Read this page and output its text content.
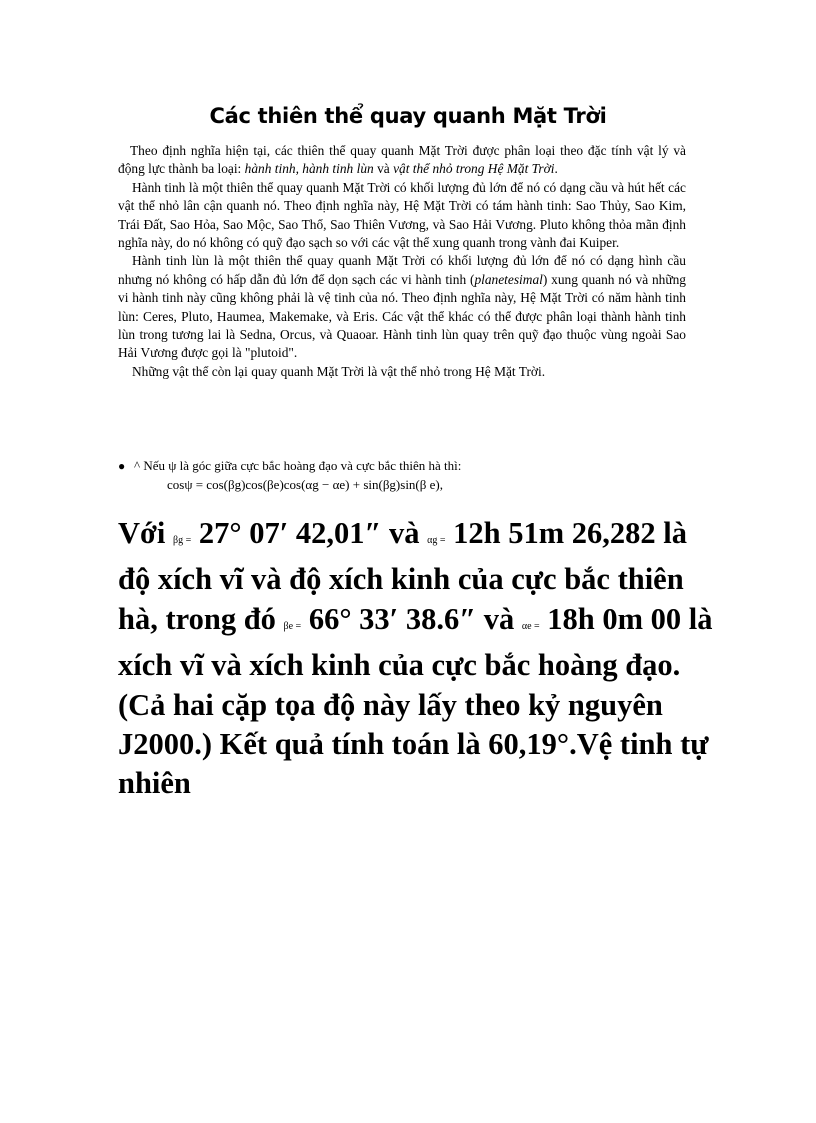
Các thiên thể quay quanh Mặt Trời

Theo định nghĩa hiện tại, các thiên thể quay quanh Mặt Trời được phân loại theo đặc tính vật lý và động lực thành ba loại: hành tinh, hành tinh lùn và vật thể nhỏ trong Hệ Mặt Trời.

Hành tinh là một thiên thể quay quanh Mặt Trời có khối lượng đủ lớn để nó có dạng cầu và hút hết các vật thể nhỏ lân cận quanh nó. Theo định nghĩa này, Hệ Mặt Trời có tám hành tinh: Sao Thủy, Sao Kim, Trái Đất, Sao Hỏa, Sao Mộc, Sao Thổ, Sao Thiên Vương, và Sao Hải Vương. Pluto không thỏa mãn định nghĩa này, do nó không có quỹ đạo sạch so với các vật thể xung quanh trong vành đai Kuiper.

Hành tinh lùn là một thiên thể quay quanh Mặt Trời có khối lượng đủ lớn để nó có dạng hình cầu nhưng nó không có hấp dẫn đủ lớn để dọn sạch các vi hành tinh (planetesimal) xung quanh nó và những vi hành tinh này cũng không phải là vệ tinh của nó. Theo định nghĩa này, Hệ Mặt Trời có năm hành tinh lùn: Ceres, Pluto, Haumea, Makemake, và Eris. Các vật thể khác có thể được phân loại thành hành tinh lùn trong tương lai là Sedna, Orcus, và Quaoar. Hành tinh lùn quay trên quỹ đạo thuộc vùng ngoài Sao Hải Vương được gọi là "plutoid".

Những vật thể còn lại quay quanh Mặt Trời là vật thể nhỏ trong Hệ Mặt Trời.

● ^ Nếu ψ là góc giữa cực bắc hoàng đạo và cực bắc thiên hà thì:
cosψ = cos(βg)cos(βe)cos(αg − αe) + sin(βg)sin(β e),
Với βg = 27° 07′ 42,01″ và αg = 12h 51m 26,282 là độ xích vĩ và độ xích kinh của cực bắc thiên hà, trong đó βe = 66° 33′ 38.6″ và αe = 18h 0m 00 là xích vĩ và xích kinh của cực bắc hoàng đạo. (Cả hai cặp tọa độ này lấy theo kỷ nguyên J2000.) Kết quả tính toán là 60,19°.Vệ tinh tự nhiên
